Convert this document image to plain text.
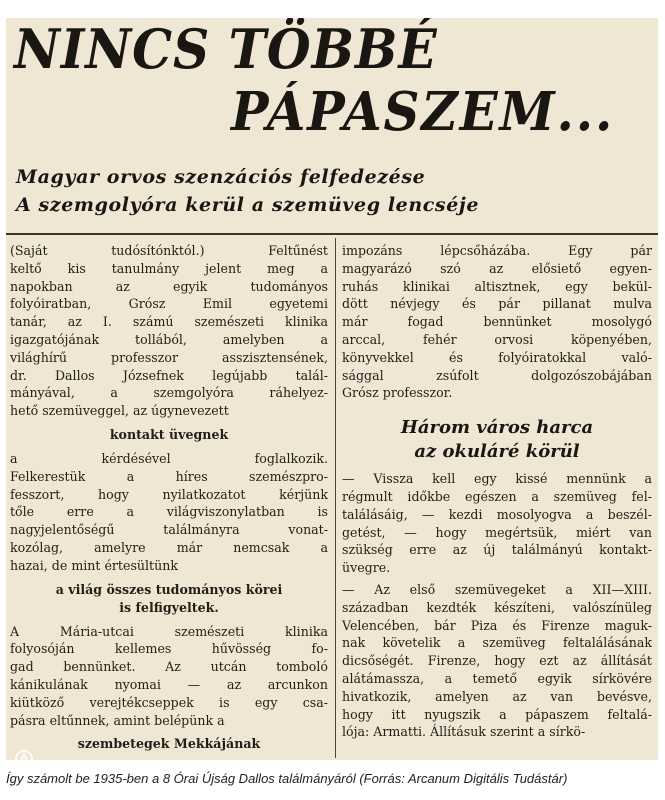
NINCS TÖBBÉ
PÁPASZEM...
Magyar orvos szenzációs felfedezése
A szemgolyóra kerül a szemüveg lencséje
(Saját tudósítónktól.) Feltűnést
keltő kis tanulmány jelent meg a
napokban az egyik tudományos
folyóiratban, Grósz Emil egyetemi
tanár, az I. számú szemészeti klinika
igazgatójának tollából, amelyben a
világhírű professzor asszisztensének,
dr. Dallos Józsefnek legújabb talál-
mányával, a szemgolyóra ráhelyez-
hető szemüveggel, az úgynevezett
kontakt üvegnek
a kérdésével foglalkozik.
Felkerestük a híres szemészpro-
fesszort, hogy nyilatkozatot kérjünk
tőle erre a világviszonylatban is
nagyjelentőségű találmányra vonat-
kozólag, amelyre már nemcsak a
hazai, de mint értesültünk
a világ összes tudományos körei
is felfigyeltek.
A Mária-utcai szemészeti klinika
folyosóján kellemes hűvösség fo-
gad bennünket. Az utcán tomboló
kánikulának nyomai — az arcunkon
kiütköző verejtékcseppek is egy csa-
pásra eltűnnek, amint belépünk a
szembetegek Mekkájának
impozáns lépcsőházába. Egy pár
magyarázó szó az elősiető egyen-
ruhás klinikai altisztnek, egy bekül-
dött névjegy és pár pillanat mulva
már fogad bennünket mosolygó
arccal, fehér orvosi köpenyében,
könyvekkel és folyóiratokkal való-
sággal zsúfolt dolgozószobájában
Grósz professzor.
Három város harca
az okuláré körül
— Vissza kell egy kissé mennünk a
régmult időkbe egészen a szemüveg fel-
találásáig, — kezdi mosolyogva a beszél-
getést, — hogy megértsük, miért van
szükség erre az új találmányú kontakt-
üvegre.
— Az első szemüvegeket a XII—XIII.
században kezdték készíteni, valószínüleg
Velencében, bár Piza és Firenze maguk-
nak követelik a szemüveg feltalálásának
dicsőségét. Firenze, hogy ezt az állítását
alátámassza, a temető egyik sírkövére
hivatkozik, amelyen az van bevésve,
hogy itt nyugszik a pápaszem feltalá-
lója: Armatti. Állításuk szerint a sírkö-
Így számolt be 1935-ben a 8 Órai Újság Dallos találmányáról (Forrás: Arcanum Digitális Tudástár)
